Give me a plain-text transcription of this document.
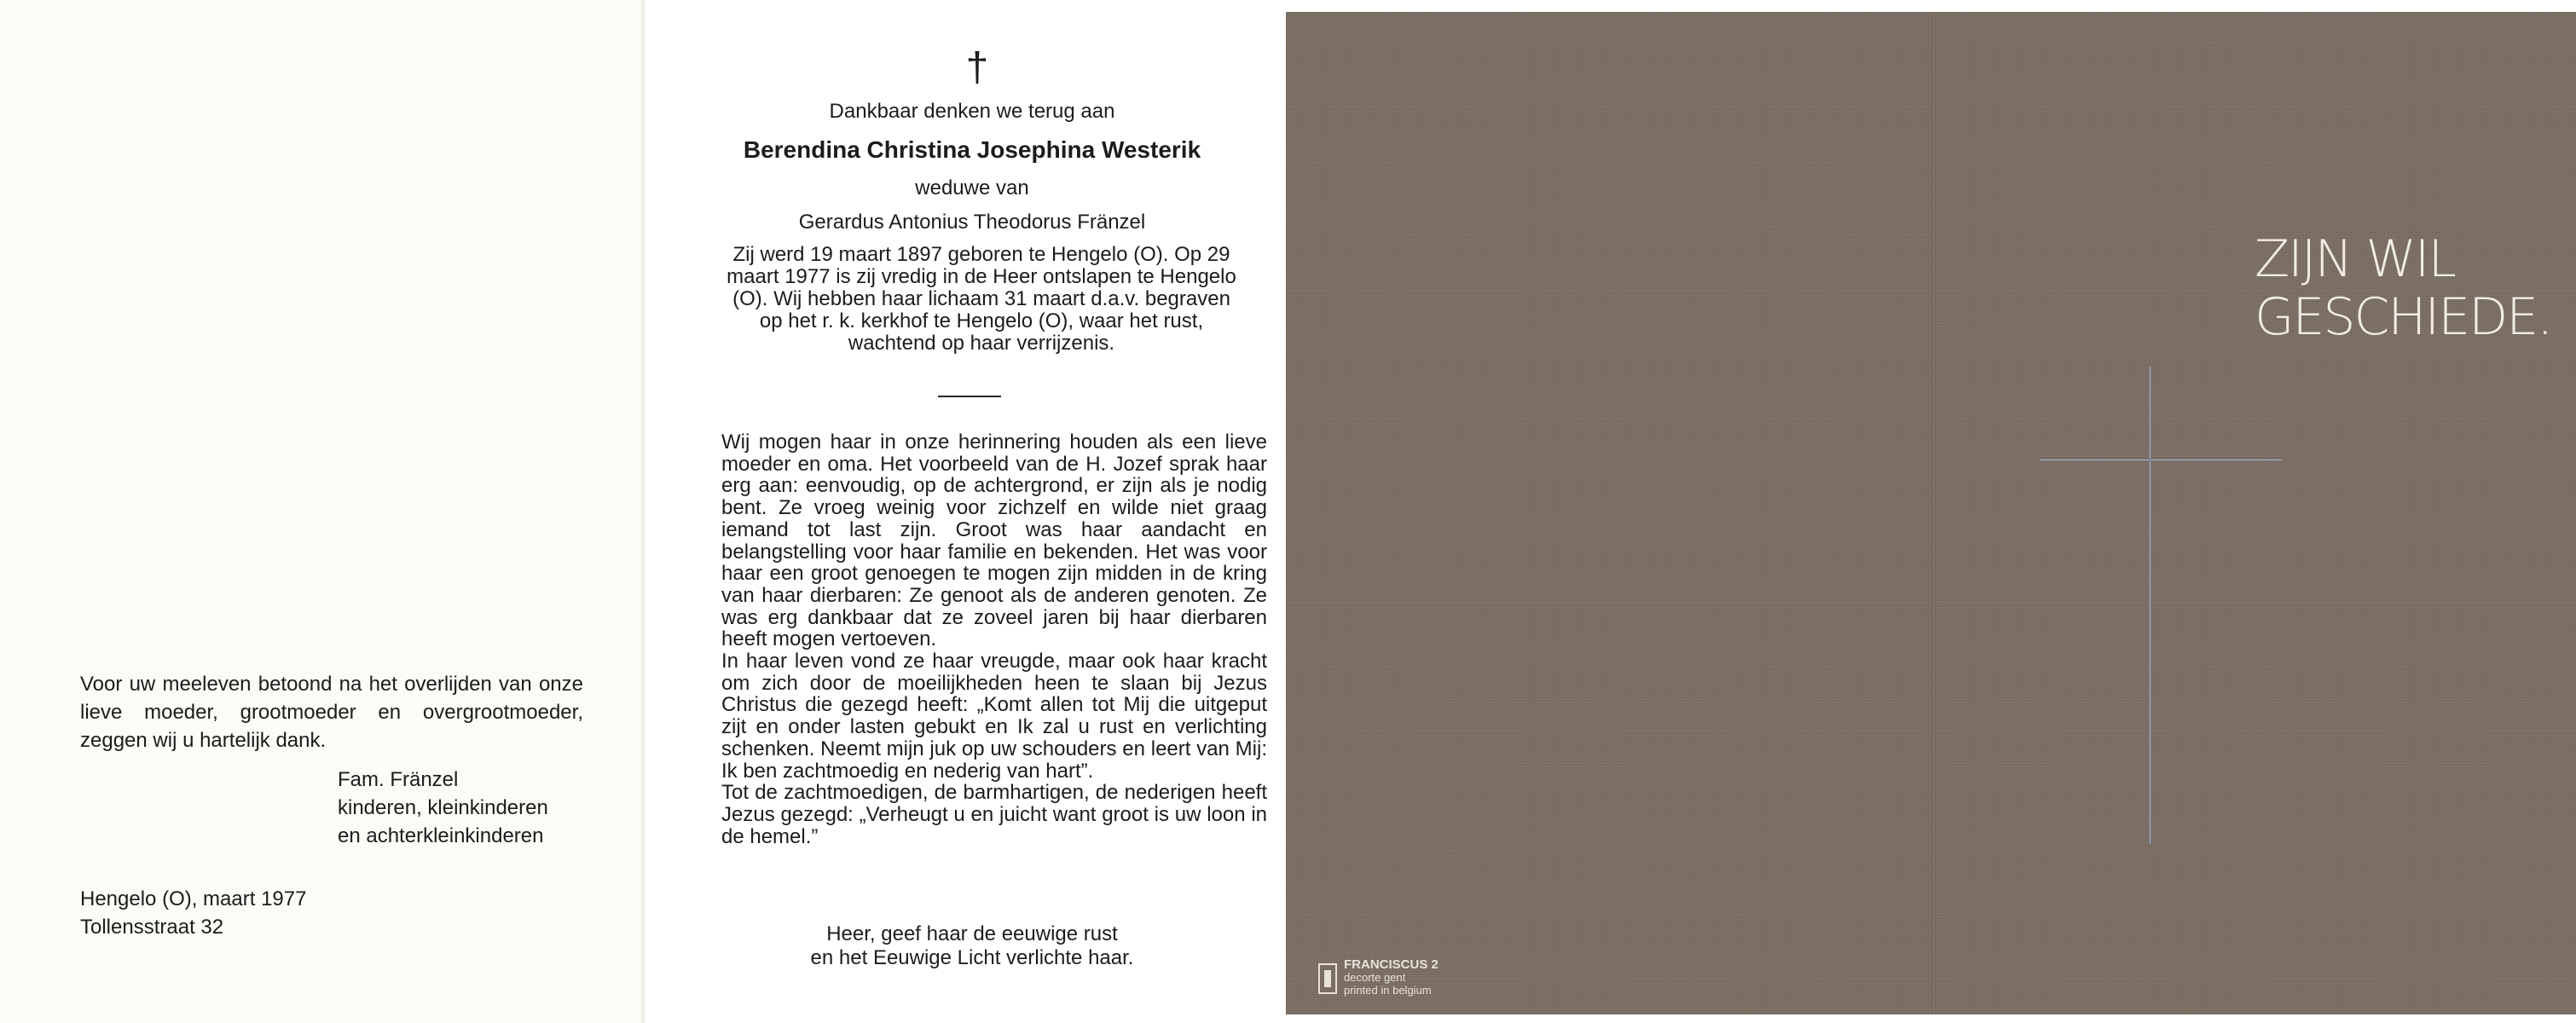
Voor uw meeleven betoond na het overlijden van onze lieve moeder, grootmoeder en overgrootmoeder, zeggen wij u hartelijk dank.
Fam. Fränzel
kinderen, kleinkinderen
en achterkleinkinderen
Hengelo (O), maart 1977
Tollensstraat 32
†
Dankbaar denken we terug aan
Berendina Christina Josephina Westerik
weduwe van
Gerardus Antonius Theodorus Fränzel
Zij werd 19 maart 1897 geboren te Hengelo (O). Op 29 maart 1977 is zij vredig in de Heer ontslapen te Hengelo (O). Wij hebben haar lichaam 31 maart d.a.v. begraven op het r. k. kerkhof te Hengelo (O), waar het rust, wachtend op haar verrijzenis.
Wij mogen haar in onze herinnering houden als een lieve moeder en oma. Het voorbeeld van de H. Jozef sprak haar erg aan: eenvoudig, op de achtergrond, er zijn als je nodig bent. Ze vroeg weinig voor zichzelf en wilde niet graag iemand tot last zijn. Groot was haar aandacht en belangstelling voor haar familie en bekenden. Het was voor haar een groot genoegen te mogen zijn midden in de kring van haar dierbaren: Ze genoot als de anderen genoten. Ze was erg dankbaar dat ze zoveel jaren bij haar dierbaren heeft mogen vertoeven.
In haar leven vond ze haar vreugde, maar ook haar kracht om zich door de moeilijkheden heen te slaan bij Jezus Christus die gezegd heeft: „Komt allen tot Mij die uitgeput zijt en onder lasten gebukt en Ik zal u rust en verlichting schenken. Neemt mijn juk op uw schouders en leert van Mij: Ik ben zachtmoedig en nederig van hart”.
Tot de zachtmoedigen, de barmhartigen, de nederigen heeft Jezus gezegd: „Verheugt u en juicht want groot is uw loon in de hemel.”
Heer, geef haar de eeuwige rust
en het Eeuwige Licht verlichte haar.
ZIJN WIL
GESCHIEDE.
FRANCISCUS 2
decorte gent
printed in belgium
